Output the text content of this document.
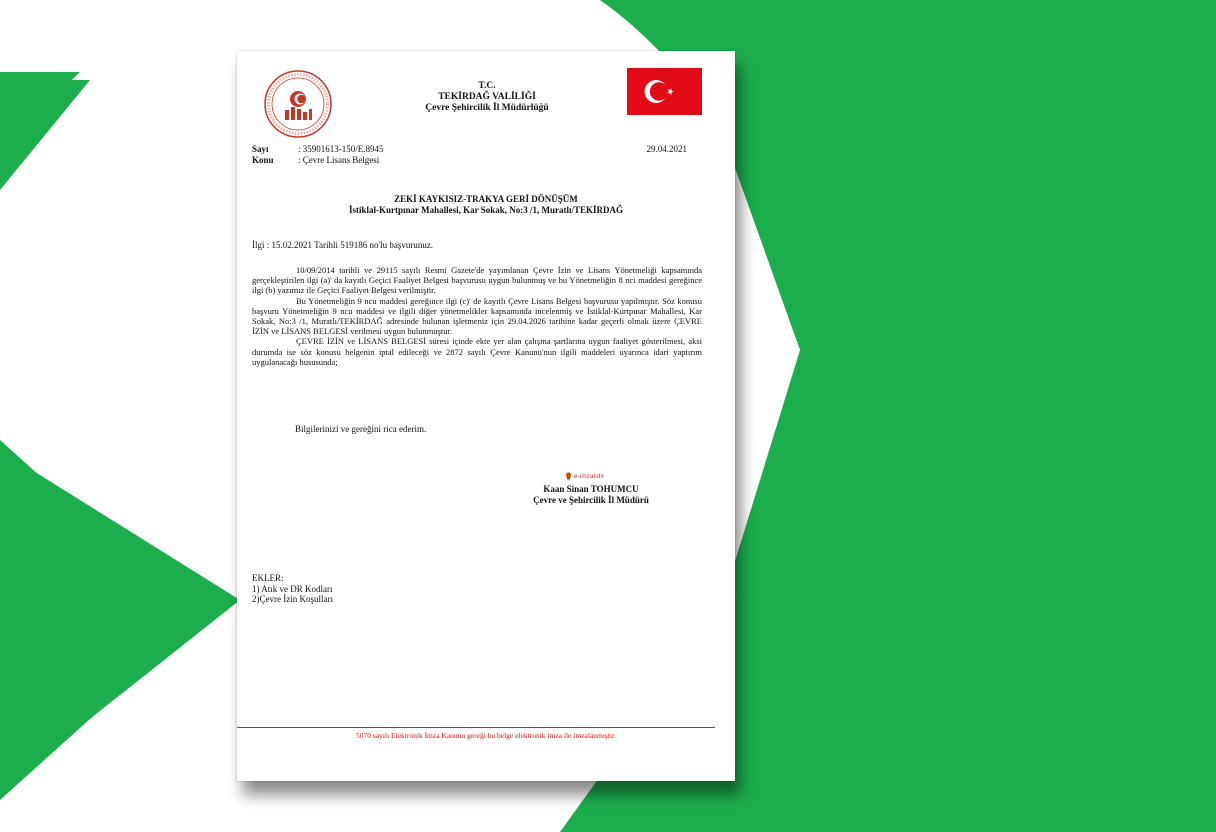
T.C.
TEKİRDAĞ VALİLİĞİ
Çevre Şehircilik İl Müdürlüğü
Sayı	: 35901613-150/E.8945
Konu	: Çevre Lisans Belgesi
29.04.2021
ZEKİ KAYKISIZ-TRAKYA GERİ DÖNÜŞÜM
İstiklal-Kurtpınar Mahallesi, Kar Sokak, No:3 /1, Muratlı/TEKİRDAĞ
İlgi : 15.02.2021 Tarihli 519186 no'lu başvurunuz.

10/09/2014 tarihli ve 29115 sayılı Resmi Gazete'de yayımlanan Çevre İzin ve Lisans Yönetmeliği kapsamında gerçekleştirilen ilgi (a)' da kayıtlı Geçici Faaliyet Belgesi başvurusu uygun bulunmuş ve bu Yönetmeliğin 8 nci maddesi gereğince ilgi (b) yazımız ile Geçici Faaliyet Belgesi verilmiştir.

Bu Yönetmeliğin 9 ncu maddesi gereğince ilgi (c)' de kayıtlı Çevre Lisans Belgesi başvurusu yapılmıştır. Söz konusu başvuru Yönetmeliğin 9 ncu maddesi ve ilgili diğer yönetmelikler kapsamında incelenmiş ve İstiklal-Kurtpınar Mahallesi, Kar Sokak, No:3 /1, Muratlı/TEKİRDAĞ adresinde bulunan işletmeniz için 29.04.2026 tarihine kadar geçerli olmak üzere ÇEVRE İZİN ve LİSANS BELGESİ verilmesi uygun bulunmuştur.

ÇEVRE İZİN ve LİSANS BELGESİ süresi içinde ekte yer alan çalışma şartlarına uygun faaliyet gösterilmesi, aksi durumda ise söz konusu belgenin iptal edileceği ve 2872 sayılı Çevre Kanunu'nun ilgili maddeleri uyarınca idari yaptırım uygulanacağı hususunda;

Bilgilerinizi ve gereğini rica ederim.
e-imzalıdır
Kaan Sinan TOHUMCU
Çevre ve Şehircilik İl Müdürü
EKLER:
1) Atık ve DR Kodları
2)Çevre İzin Koşulları
5070 sayılı Elektronik İmza Kanunu gereği bu belge elektronik imza ile imzalanmıştır.
